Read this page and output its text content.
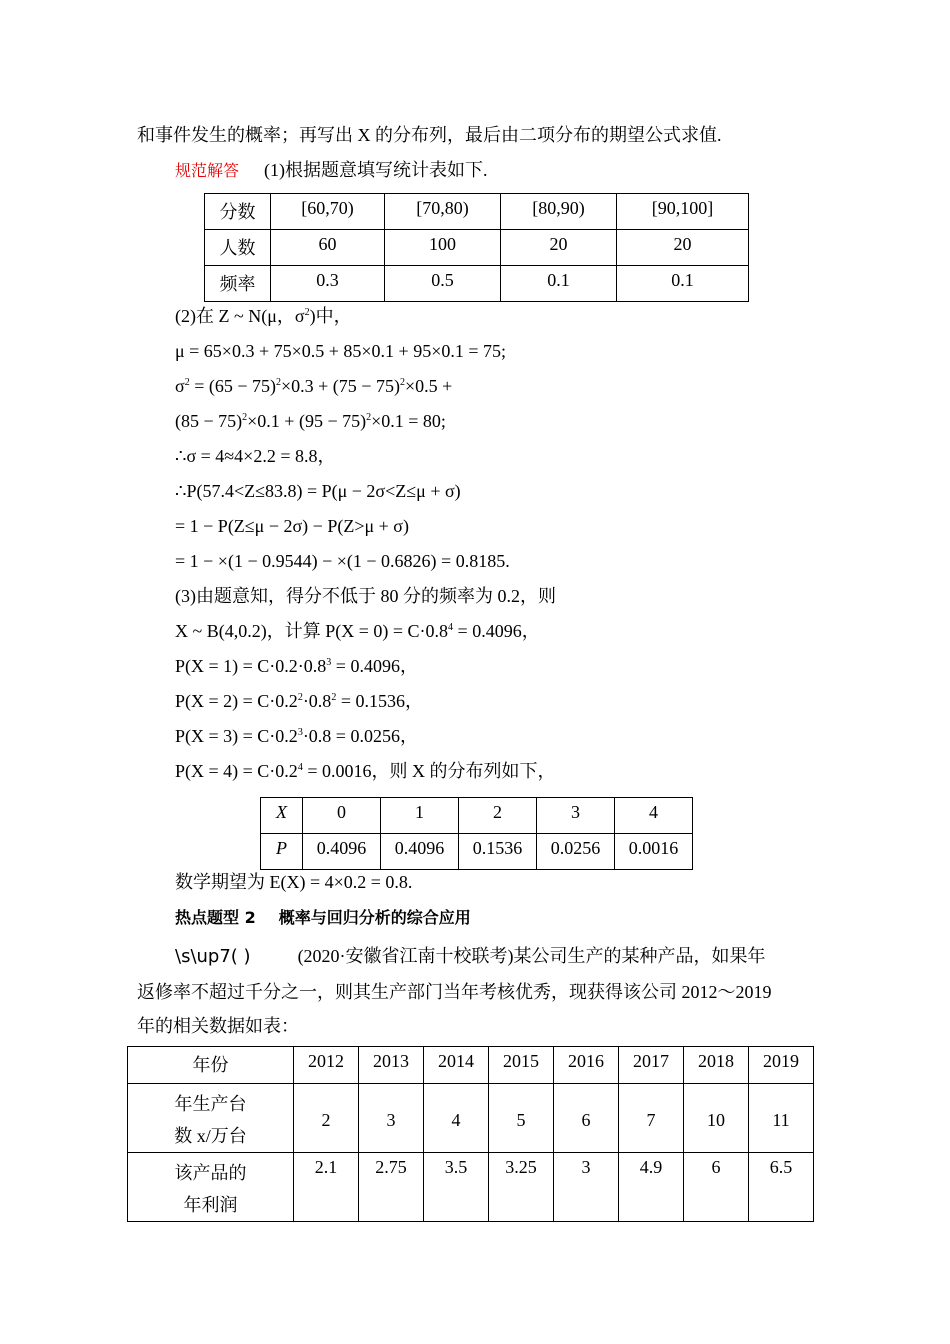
和事件发生的概率；再写出 X 的分布列，最后由二项分布的期望公式求值.
规范解答 (1)根据题意填写统计表如下.
分数	[60,70)	[70,80)	[80,90)	[90,100]
人数	60	100	20	20
频率	0.3	0.5	0.1	0.1
(2)在 Z ~ N(μ，$\sigma^2$)中，
μ = 65×0.3 + 75×0.5 + 85×0.1 + 95×0.1 = 75;
$\sigma^2 = (65 - 75)^2\times 0.3 + (75 - 75)^2\times 0.5$ +
$(85 - 75)^2\times 0.1 + (95 - 75)^2\times 0.1 = 80$;
∴σ = 4≈4×2.2 = 8.8，
∴P(57.4<Z≤83.8) = P(μ − 2σ<Z≤μ + σ)
= 1 − P(Z≤μ − 2σ) − P(Z>μ + σ)
= 1 − ×(1 − 0.9544) − ×(1 − 0.6826) = 0.8185.
(3)由题意知，得分不低于 80 分的频率为 0.2，则
X ~ B(4,0.2)，计算 $P(X = 0) = C\cdot 0.8^4 = 0.4096$，
$P(X = 1) = C\cdot 0.2\cdot 0.8^3 = 0.4096$，
$P(X = 2) = C\cdot 0.2^2\cdot 0.8^2 = 0.1536$，
$P(X = 3) = C\cdot 0.2^3\cdot 0.8 = 0.0256$，
$P(X = 4) = C\cdot 0.2^4 = 0.0016$，则 X 的分布列如下，
X	0	1	2	3	4
P	0.4096	0.4096	0.1536	0.0256	0.0016
数学期望为 E(X) = 4×0.2 = 0.8.
热点题型 2 概率与回归分析的综合应用
\s\up7( )	(2020·安徽省江南十校联考)某公司生产的某种产品，如果年
返修率不超过千分之一，则其生产部门当年考核优秀，现获得该公司 2012～2019
年的相关数据如表：
年份	2012	2013	2014	2015	2016	2017	2018	2019

年生产台
数 x/万台	2	3	4	5	6	7	10	11

该产品的
年利润	2.1	2.75	3.5	3.25	3	4.9	6	6.5
